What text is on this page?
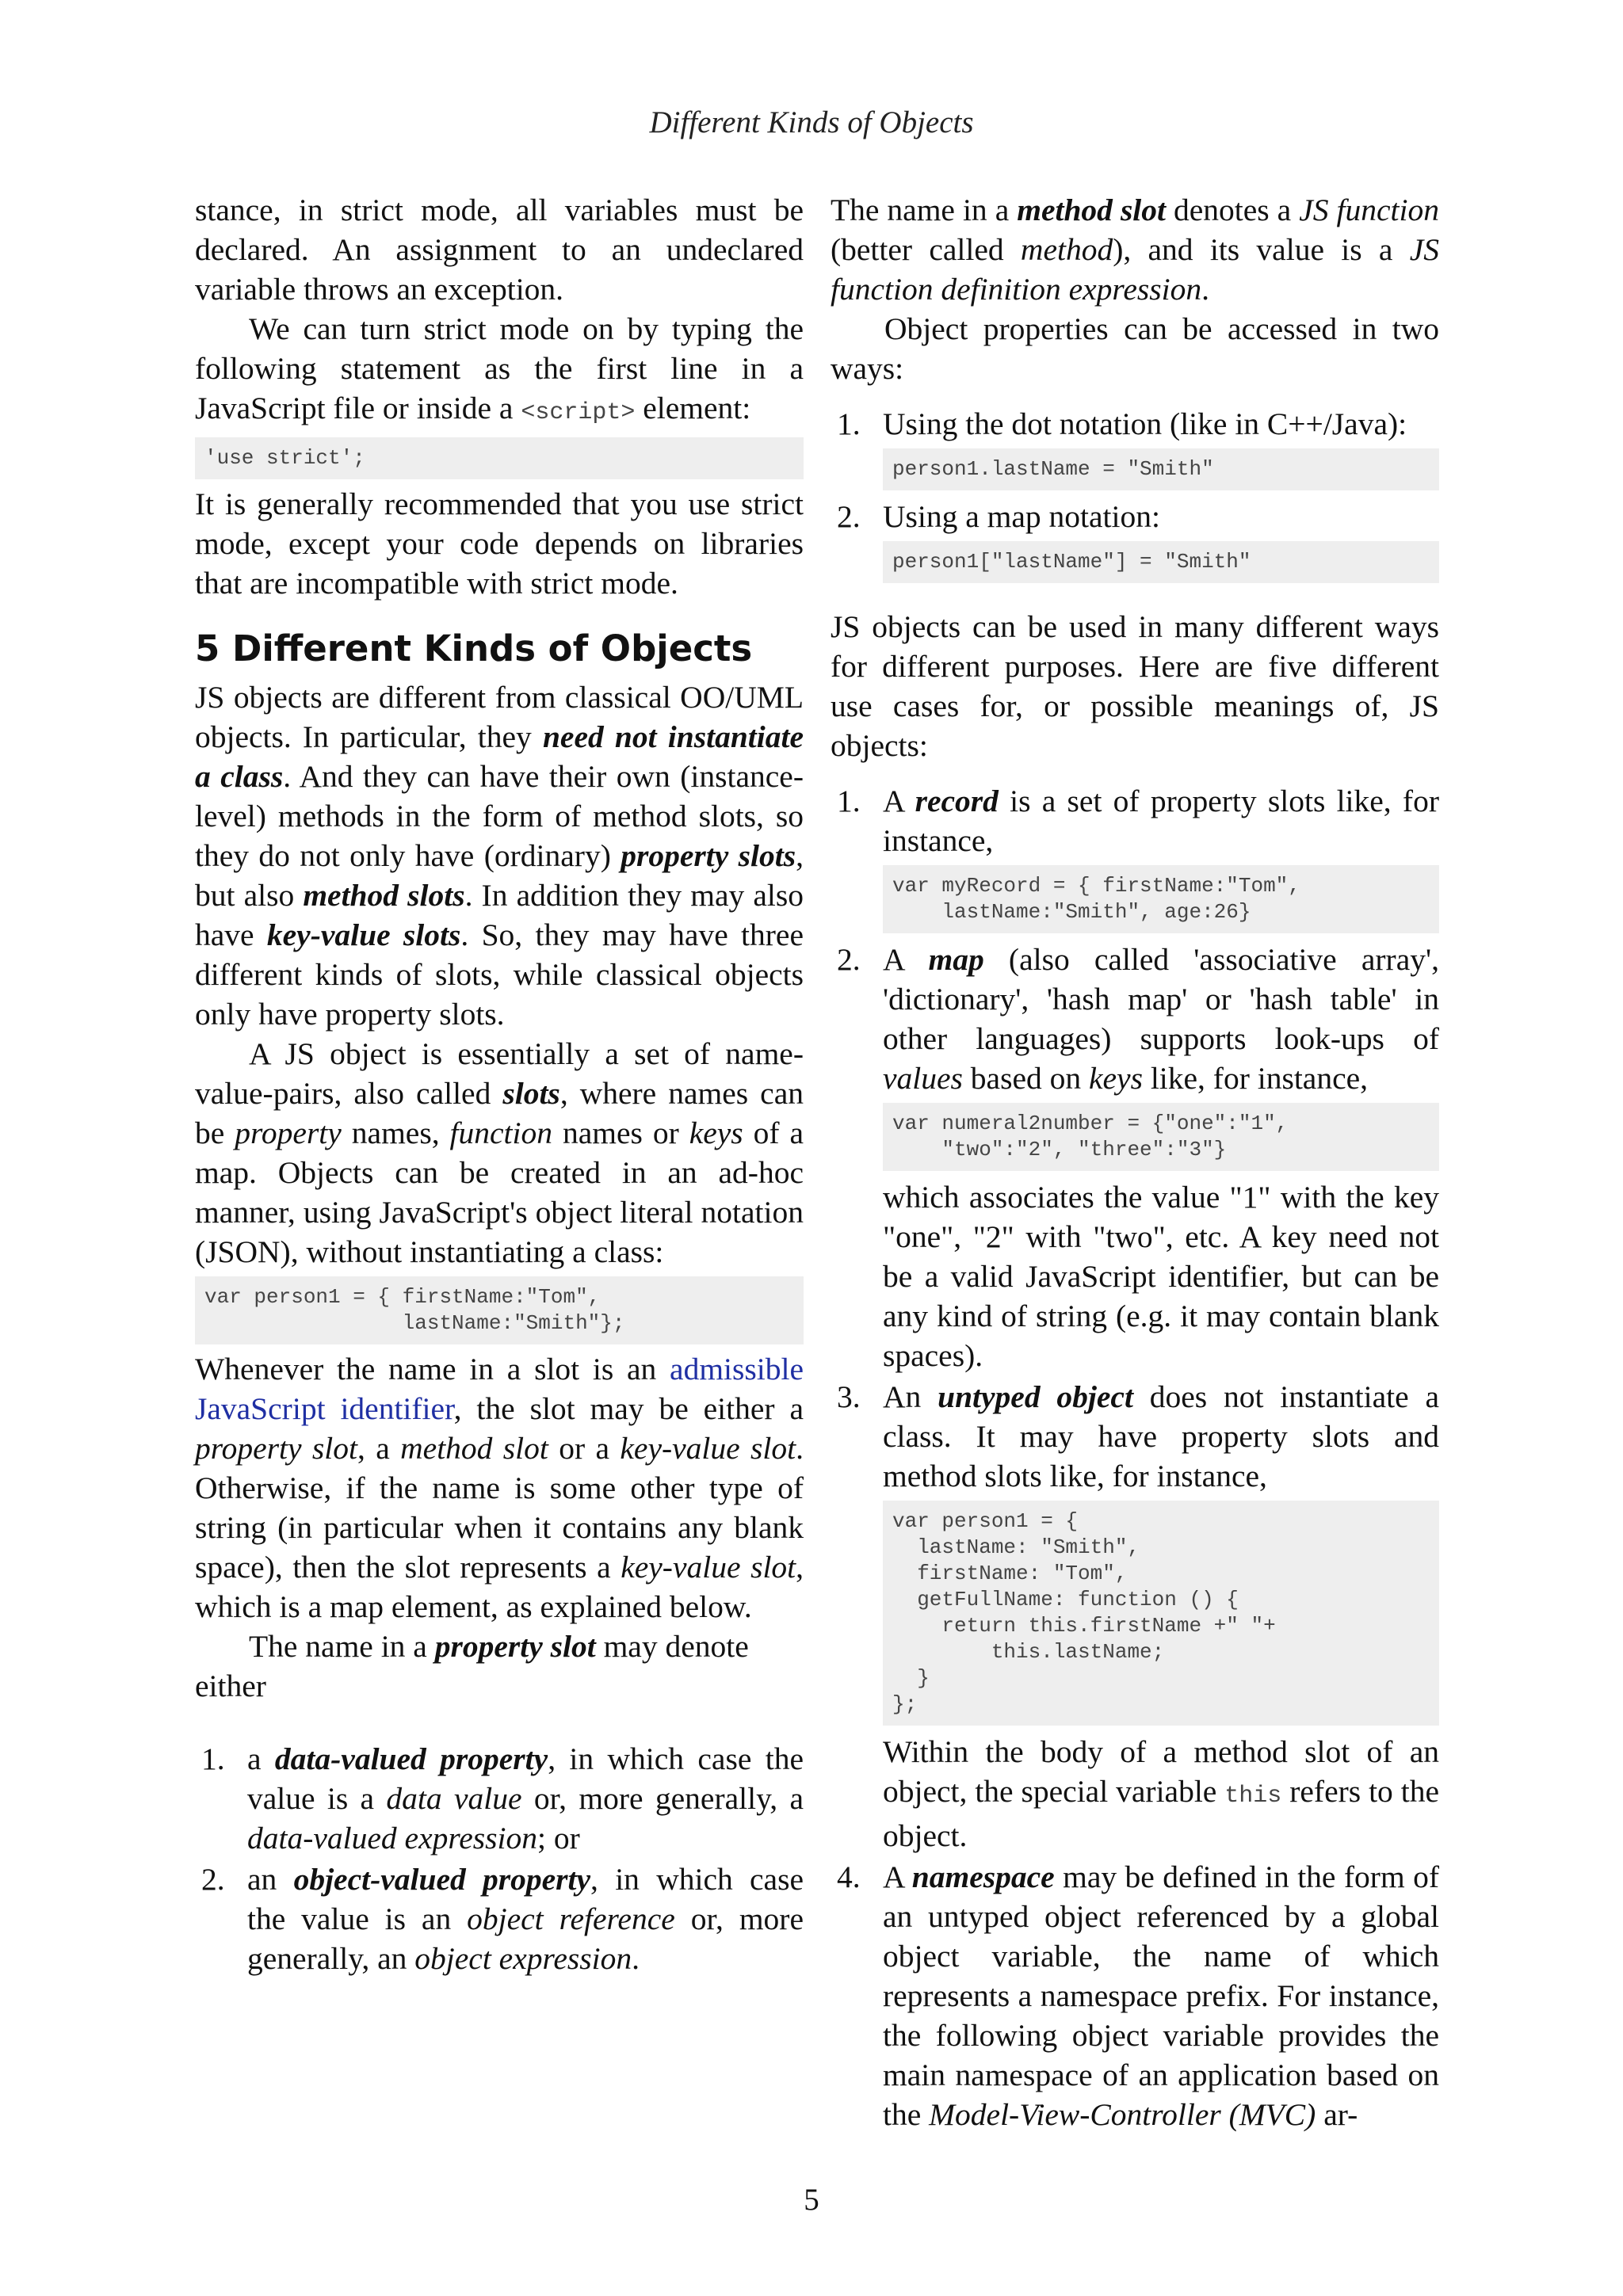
Different Kinds of Objects

stance, in strict mode, all variables must be declared. An assignment to an undeclared variable throws an exception.

We can turn strict mode on by typing the following statement as the first line in a JavaScript file or inside a <script> element:

'use strict';

It is generally recommended that you use strict mode, except your code depends on libraries that are incompatible with strict mode.

5 Different Kinds of Objects

JS objects are different from classical OO/UML objects. In particular, they need not instantiate a class. And they can have their own (instance-level) methods in the form of method slots, so they do not only have (ordinary) property slots, but also method slots. In addition they may also have key-value slots. So, they may have three different kinds of slots, while classical objects only have property slots.

A JS object is essentially a set of name-value-pairs, also called slots, where names can be property names, function names or keys of a map. Objects can be created in an ad-hoc manner, using JavaScript's object literal notation (JSON), without instantiating a class:

var person1 = { firstName:"Tom",
lastName:"Smith"};

Whenever the name in a slot is an admissible JavaScript identifier, the slot may be either a property slot, a method slot or a key-value slot. Otherwise, if the name is some other type of string (in particular when it contains any blank space), then the slot represents a key-value slot, which is a map element, as explained below.

The name in a property slot may denote either

1. a data-valued property, in which case the value is a data value or, more generally, a data-valued expression; or
2. an object-valued property, in which case the value is an object reference or, more generally, an object expression.

The name in a method slot denotes a JS function (better called method), and its value is a JS function definition expression.

Object properties can be accessed in two ways:

1. Using the dot notation (like in C++/Java):
person1.lastName = "Smith"
2. Using a map notation:
person1["lastName"] = "Smith"

JS objects can be used in many different ways for different purposes. Here are five different use cases for, or possible meanings of, JS objects:

1. A record is a set of property slots like, for instance,
var myRecord = { firstName:"Tom",
lastName:"Smith", age:26}
2. A map (also called 'associative array', 'dictionary', 'hash map' or 'hash table' in other languages) supports look-ups of values based on keys like, for instance,
var numeral2number = {"one":"1",
"two":"2", "three":"3"}
which associates the value "1" with the key "one", "2" with "two", etc. A key need not be a valid JavaScript identifier, but can be any kind of string (e.g. it may contain blank spaces).
3. An untyped object does not instantiate a class. It may have property slots and method slots like, for instance,
var person1 = {
lastName: "Smith",
firstName: "Tom",
getFullName: function () {
return this.firstName +" "+
this.lastName;
}
};
Within the body of a method slot of an object, the special variable this refers to the object.
4. A namespace may be defined in the form of an untyped object referenced by a global object variable, the name of which represents a namespace prefix. For instance, the following object variable provides the main namespace of an application based on the Model-View-Controller (MVC) ar-
5
